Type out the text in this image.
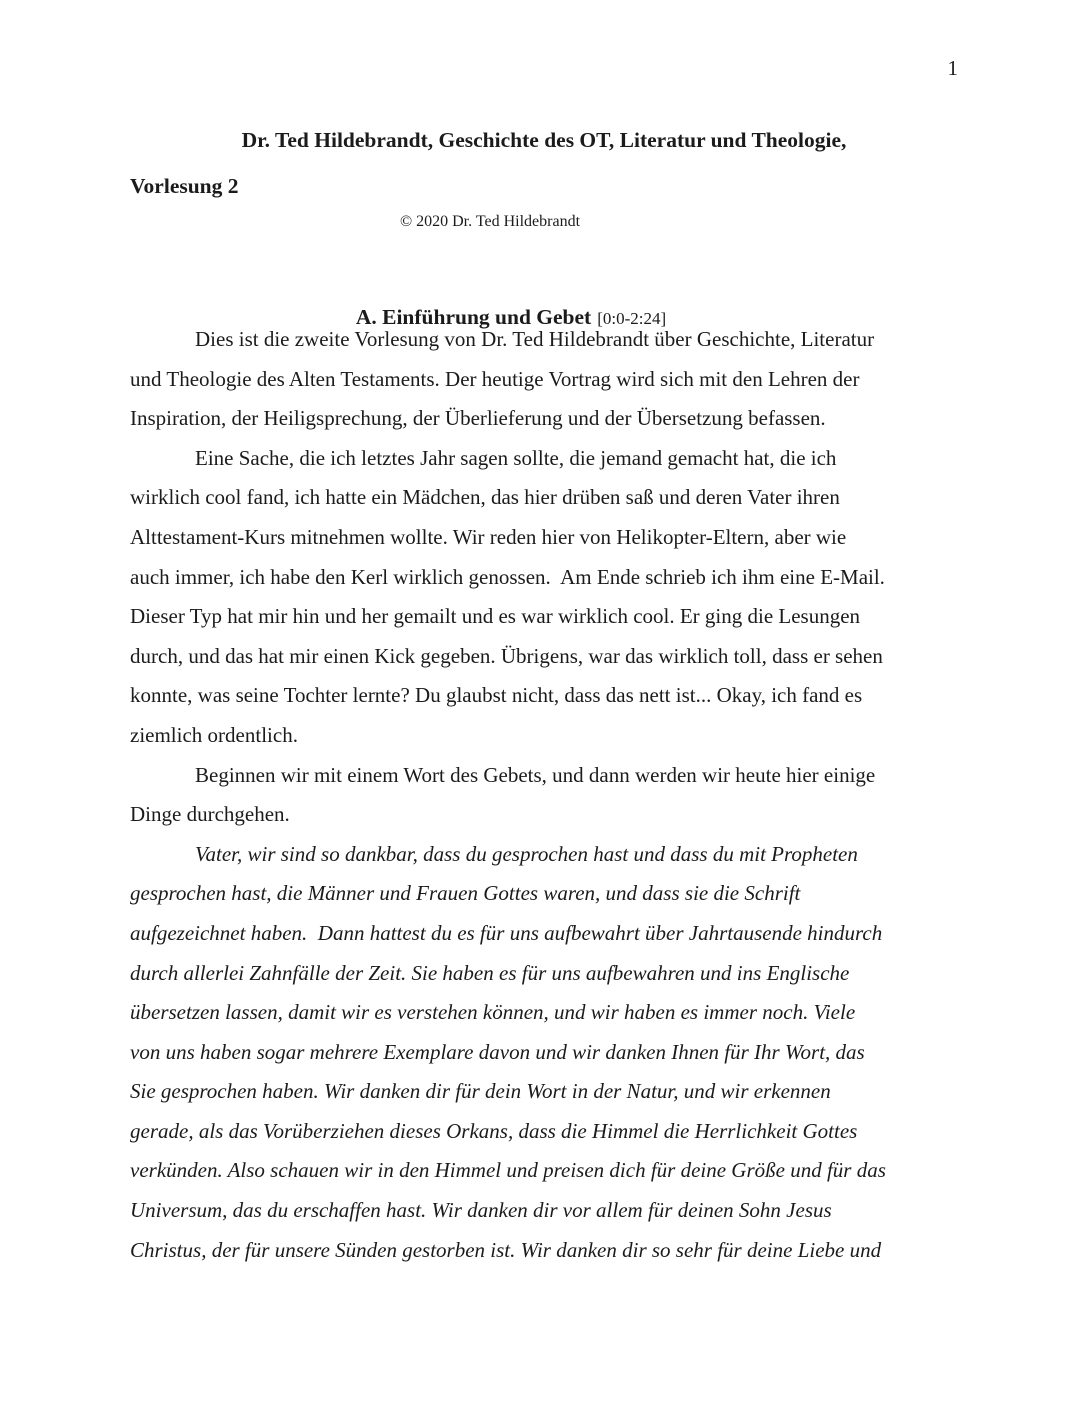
1
Dr. Ted Hildebrandt, Geschichte des OT, Literatur und Theologie,
Vorlesung 2
© 2020 Dr. Ted Hildebrandt

A. Einführung und Gebet [0:0-2:24]

Dies ist die zweite Vorlesung von Dr. Ted Hildebrandt über Geschichte, Literatur
und Theologie des Alten Testaments. Der heutige Vortrag wird sich mit den Lehren der
Inspiration, der Heiligsprechung, der Überlieferung und der Übersetzung befassen.
Eine Sache, die ich letztes Jahr sagen sollte, die jemand gemacht hat, die ich
wirklich cool fand, ich hatte ein Mädchen, das hier drüben saß und deren Vater ihren
Alttestament-Kurs mitnehmen wollte. Wir reden hier von Helikopter-Eltern, aber wie
auch immer, ich habe den Kerl wirklich genossen.  Am Ende schrieb ich ihm eine E-Mail.
Dieser Typ hat mir hin und her gemailt und es war wirklich cool. Er ging die Lesungen
durch, und das hat mir einen Kick gegeben. Übrigens, war das wirklich toll, dass er sehen
konnte, was seine Tochter lernte? Du glaubst nicht, dass das nett ist... Okay, ich fand es
ziemlich ordentlich.
Beginnen wir mit einem Wort des Gebets, und dann werden wir heute hier einige
Dinge durchgehen.
Vater, wir sind so dankbar, dass du gesprochen hast und dass du mit Propheten
gesprochen hast, die Männer und Frauen Gottes waren, und dass sie die Schrift
aufgezeichnet haben.  Dann hattest du es für uns aufbewahrt über Jahrtausende hindurch
durch allerlei Zahnfälle der Zeit. Sie haben es für uns aufbewahren und ins Englische
übersetzen lassen, damit wir es verstehen können, und wir haben es immer noch. Viele
von uns haben sogar mehrere Exemplare davon und wir danken Ihnen für Ihr Wort, das
Sie gesprochen haben. Wir danken dir für dein Wort in der Natur, und wir erkennen
gerade, als das Vorüberziehen dieses Orkans, dass die Himmel die Herrlichkeit Gottes
verkünden. Also schauen wir in den Himmel und preisen dich für deine Größe und für das
Universum, das du erschaffen hast. Wir danken dir vor allem für deinen Sohn Jesus
Christus, der für unsere Sünden gestorben ist. Wir danken dir so sehr für deine Liebe und
